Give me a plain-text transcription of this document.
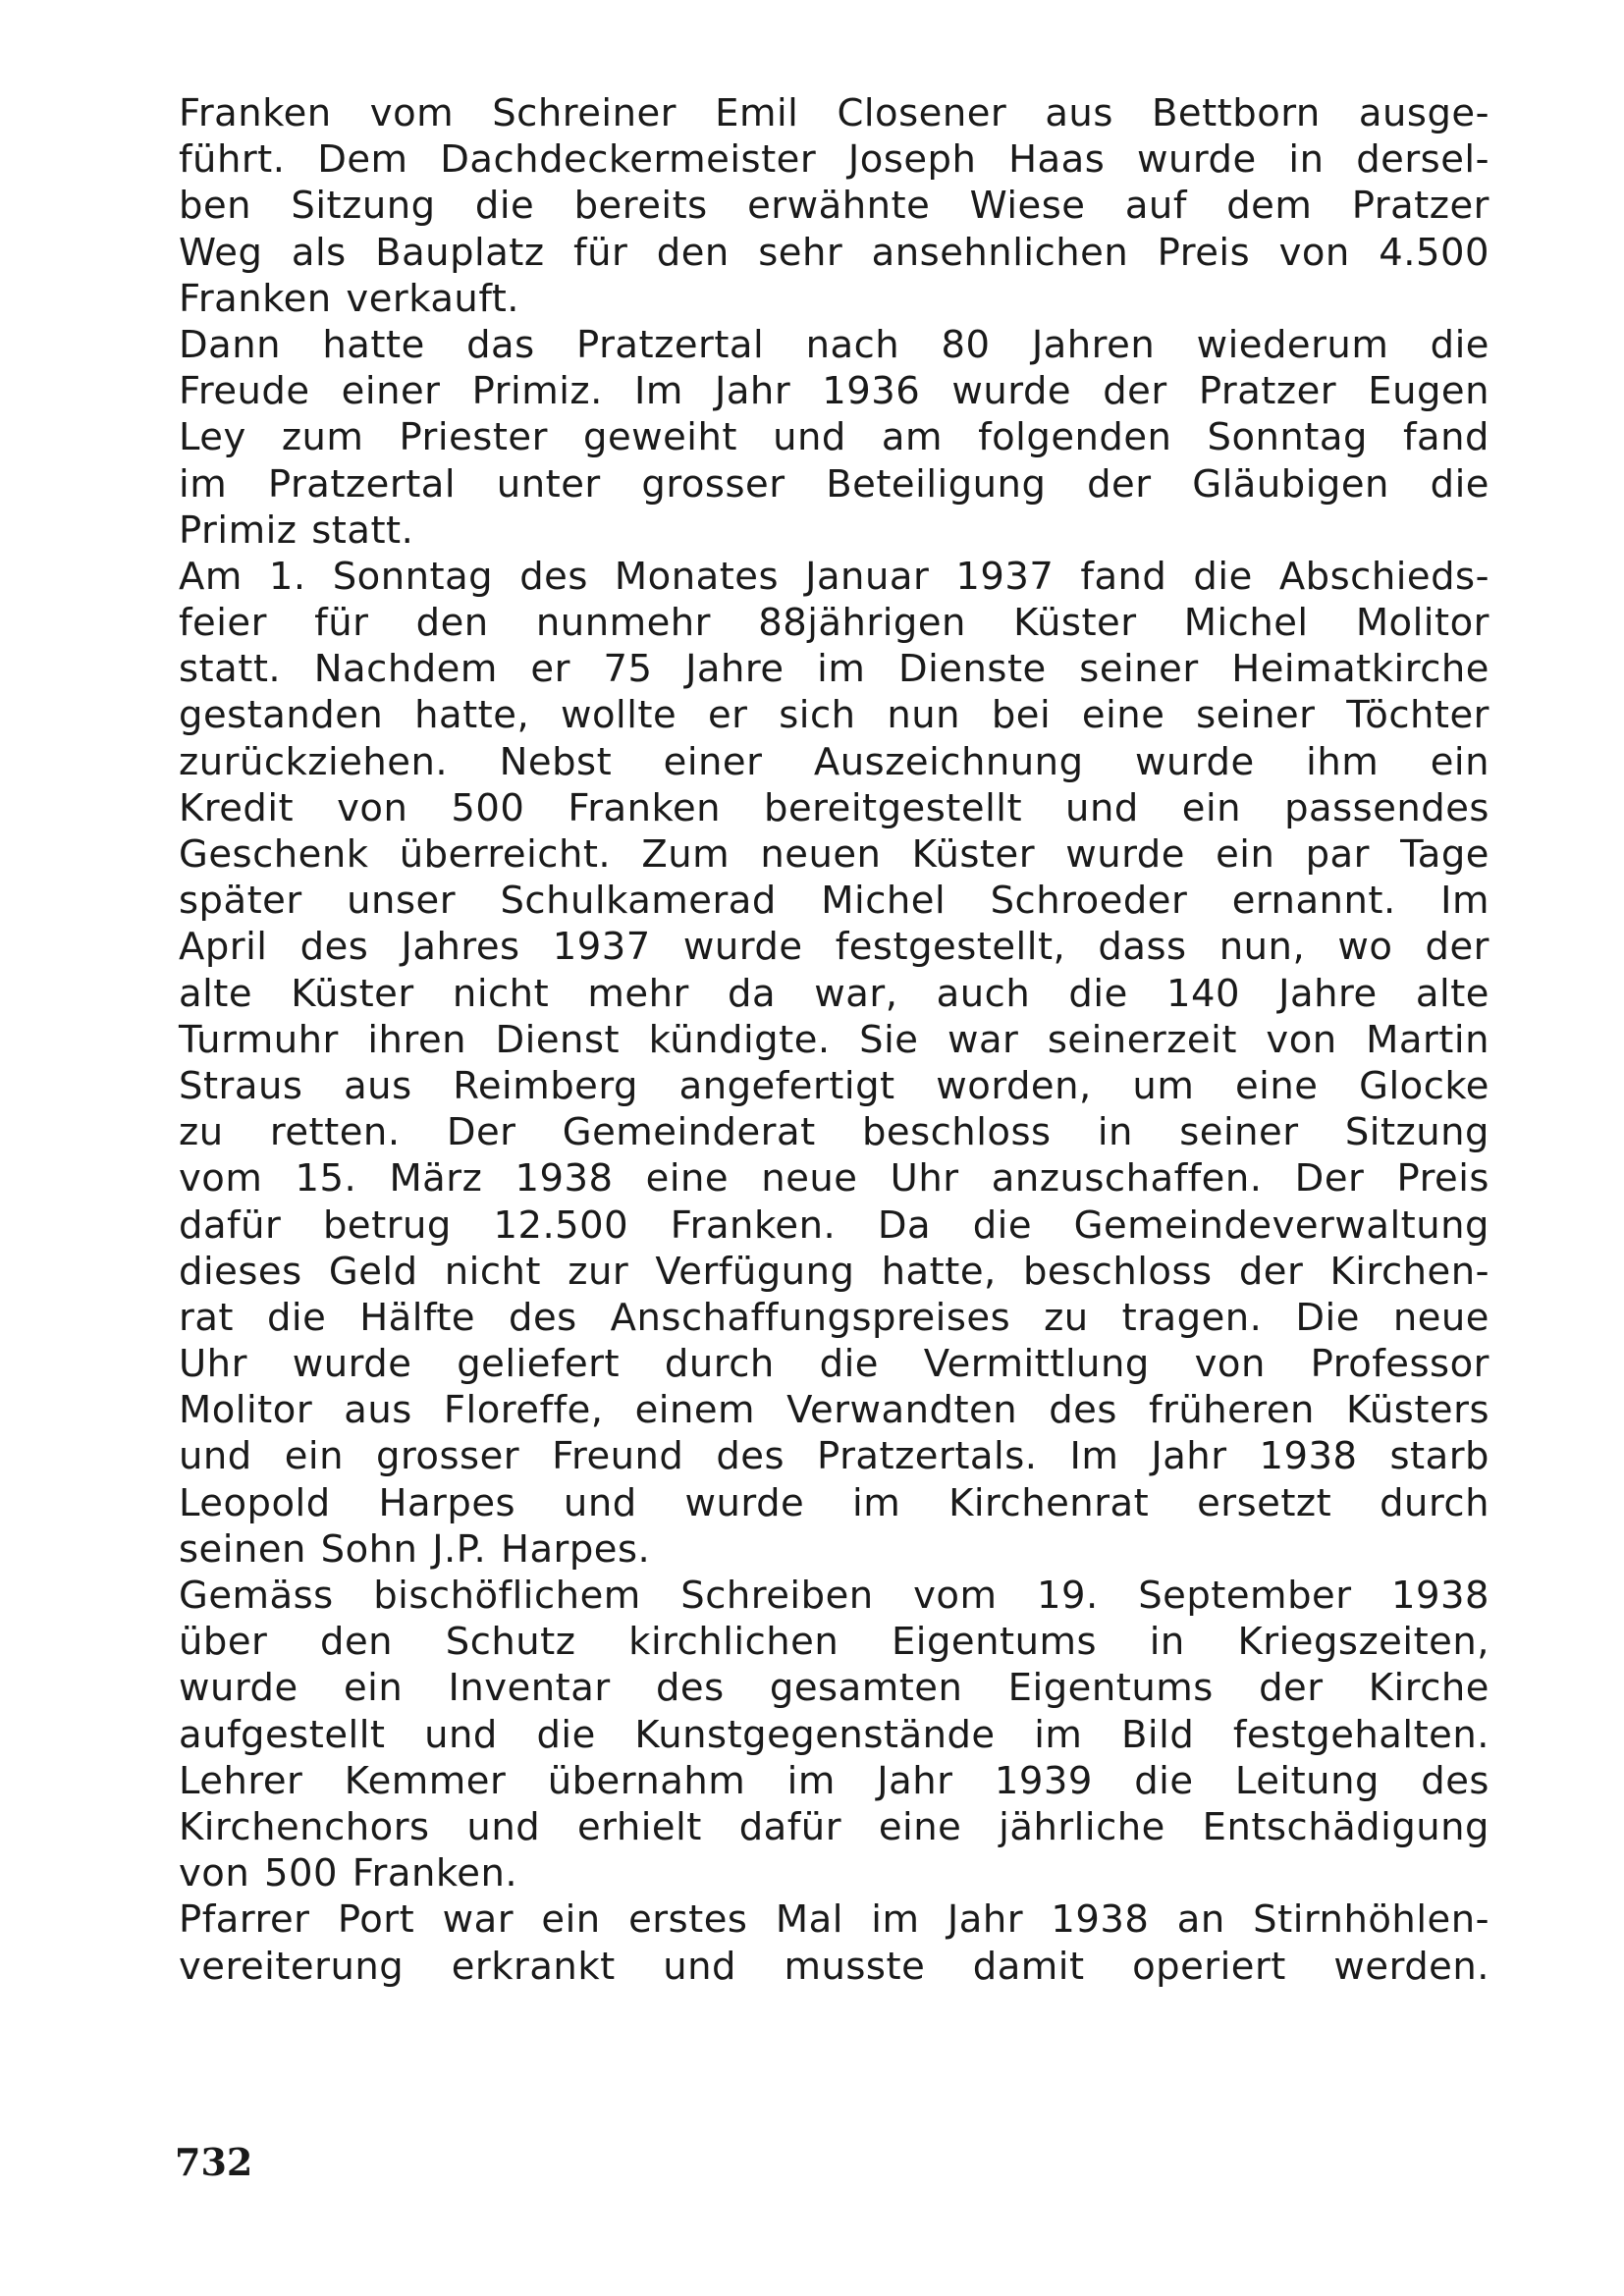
Franken vom Schreiner Emil Closener aus Bettborn ausge-
führt. Dem Dachdeckermeister Joseph Haas wurde in dersel-
ben Sitzung die bereits erwähnte Wiese auf dem Pratzer
Weg als Bauplatz für den sehr ansehnlichen Preis von 4.500
Franken verkauft.
Dann hatte das Pratzertal nach 80 Jahren wiederum die
Freude einer Primiz. Im Jahr 1936 wurde der Pratzer Eugen
Ley zum Priester geweiht und am folgenden Sonntag fand
im Pratzertal unter grosser Beteiligung der Gläubigen die
Primiz statt.
Am 1. Sonntag des Monates Januar 1937 fand die Abschieds-
feier für den nunmehr 88jährigen Küster Michel Molitor
statt. Nachdem er 75 Jahre im Dienste seiner Heimatkirche
gestanden hatte, wollte er sich nun bei eine seiner Töchter
zurückziehen. Nebst einer Auszeichnung wurde ihm ein
Kredit von 500 Franken bereitgestellt und ein passendes
Geschenk überreicht. Zum neuen Küster wurde ein par Tage
später unser Schulkamerad Michel Schroeder ernannt. Im
April des Jahres 1937 wurde festgestellt, dass nun, wo der
alte Küster nicht mehr da war, auch die 140 Jahre alte
Turmuhr ihren Dienst kündigte. Sie war seinerzeit von Martin
Straus aus Reimberg angefertigt worden, um eine Glocke
zu retten. Der Gemeinderat beschloss in seiner Sitzung
vom 15. März 1938 eine neue Uhr anzuschaffen. Der Preis
dafür betrug 12.500 Franken. Da die Gemeindeverwaltung
dieses Geld nicht zur Verfügung hatte, beschloss der Kirchen-
rat die Hälfte des Anschaffungspreises zu tragen. Die neue
Uhr wurde geliefert durch die Vermittlung von Professor
Molitor aus Floreffe, einem Verwandten des früheren Küsters
und ein grosser Freund des Pratzertals. Im Jahr 1938 starb
Leopold Harpes und wurde im Kirchenrat ersetzt durch
seinen Sohn J.P. Harpes.
Gemäss bischöflichem Schreiben vom 19. September 1938
über den Schutz kirchlichen Eigentums in Kriegszeiten,
wurde ein Inventar des gesamten Eigentums der Kirche
aufgestellt und die Kunstgegenstände im Bild festgehalten.
Lehrer Kemmer übernahm im Jahr 1939 die Leitung des
Kirchenchors und erhielt dafür eine jährliche Entschädigung
von 500 Franken.
Pfarrer Port war ein erstes Mal im Jahr 1938 an Stirnhöhlen-
vereiterung erkrankt und musste damit operiert werden.
732
